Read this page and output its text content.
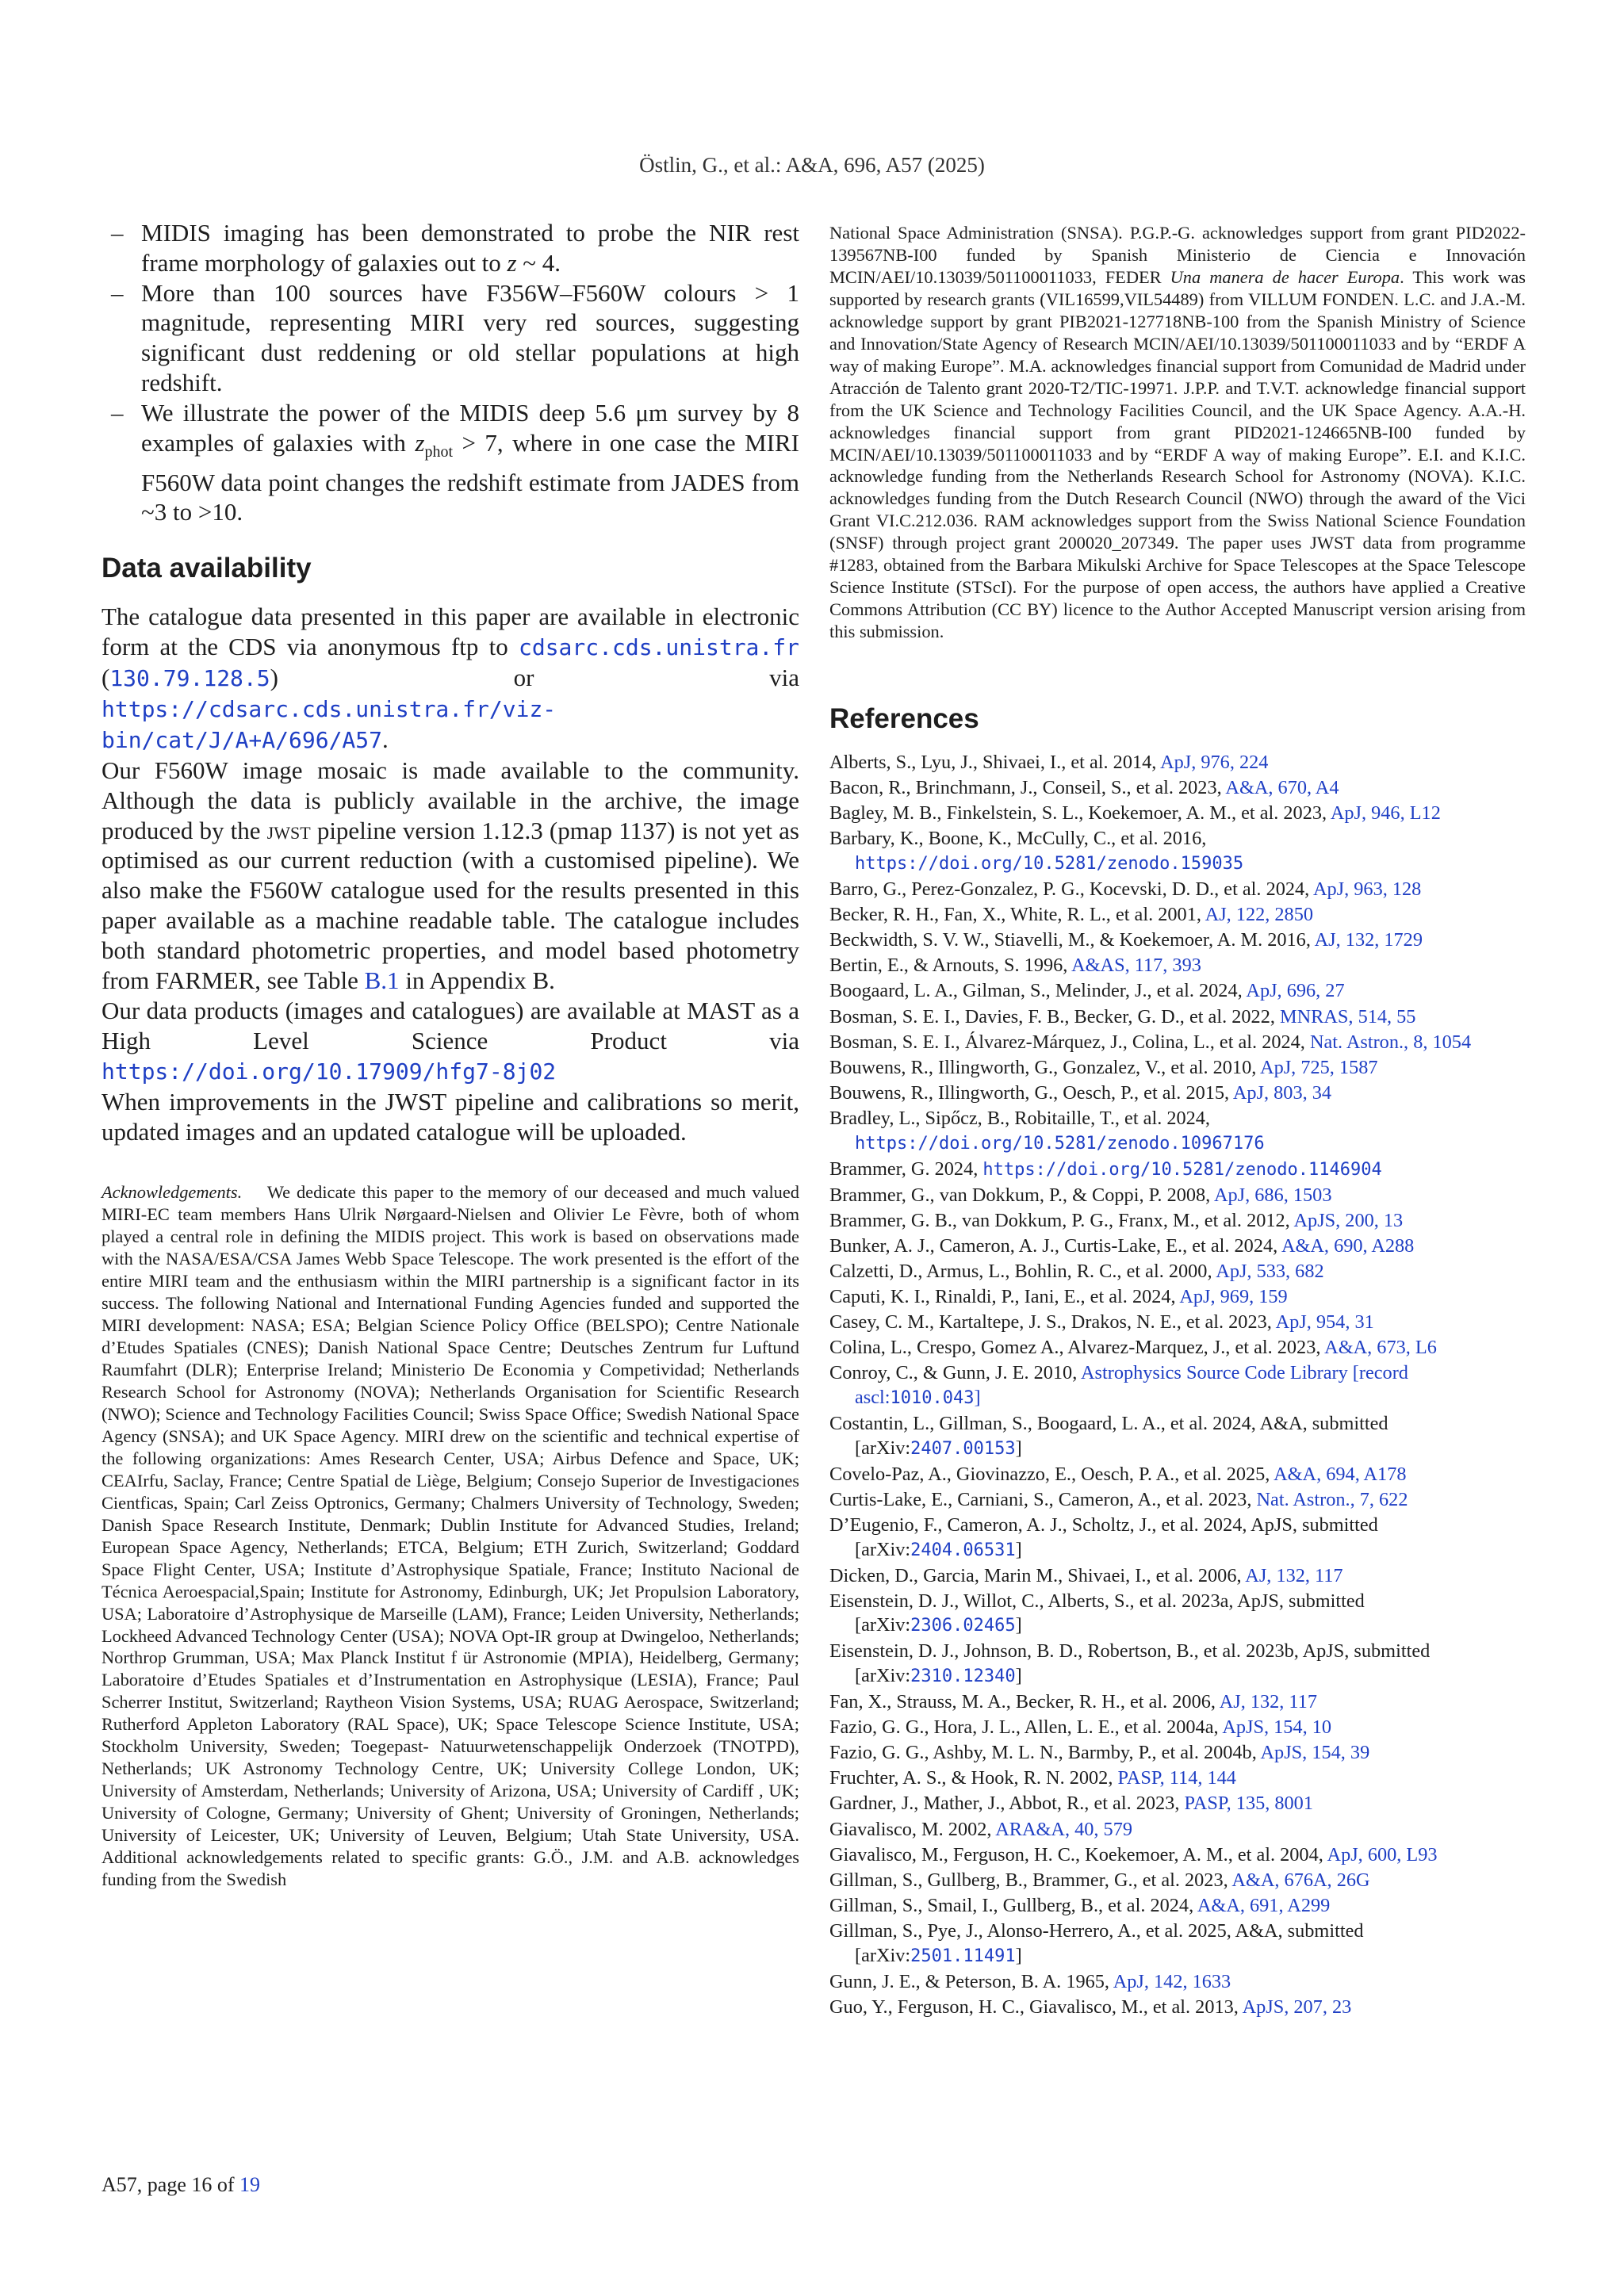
Östlin, G., et al.: A&A, 696, A57 (2025)
– MIDIS imaging has been demonstrated to probe the NIR rest frame morphology of galaxies out to z ~ 4.
– More than 100 sources have F356W–F560W colours > 1 magnitude, representing MIRI very red sources, suggesting significant dust reddening or old stellar populations at high redshift.
– We illustrate the power of the MIDIS deep 5.6 μm survey by 8 examples of galaxies with $z_{phot} > 7$, where in one case the MIRI F560W data point changes the redshift estimate from JADES from ~3 to >10.
Data availability

The catalogue data presented in this paper are available in electronic form at the CDS via anonymous ftp to cdsarc.cds.unistra.fr (130.79.128.5) or via https://cdsarc.cds.unistra.fr/viz-bin/cat/J/A+A/696/A57.

Our F560W image mosaic is made available to the community. Although the data is publicly available in the archive, the image produced by the jwst pipeline version 1.12.3 (pmap 1137) is not yet as optimised as our current reduction (with a customised pipeline). We also make the F560W catalogue used for the results presented in this paper available as a machine readable table. The catalogue includes both standard photometric properties, and model based photometry from FARMER, see Table B.1 in Appendix B.

Our data products (images and catalogues) are available at MAST as a High Level Science Product via https://doi.org/10.17909/hfg7-8j02

When improvements in the JWST pipeline and calibrations so merit, updated images and an updated catalogue will be uploaded.

Acknowledgements. We dedicate this paper to the memory of our deceased and much valued MIRI-EC team members Hans Ulrik Nørgaard-Nielsen and Olivier Le Fèvre, both of whom played a central role in defining the MIDIS project. This work is based on observations made with the NASA/ESA/CSA James Webb Space Telescope. The work presented is the effort of the entire MIRI team and the enthusiasm within the MIRI partnership is a significant factor in its success. The following National and International Funding Agencies funded and supported the MIRI development: NASA; ESA; Belgian Science Policy Office (BELSPO); Centre Nationale d’Etudes Spatiales (CNES); Danish National Space Centre; Deutsches Zentrum fur Luftund Raumfahrt (DLR); Enterprise Ireland; Ministerio De Economia y Competividad; Netherlands Research School for Astronomy (NOVA); Netherlands Organisation for Scientific Research (NWO); Science and Technology Facilities Council; Swiss Space Office; Swedish National Space Agency (SNSA); and UK Space Agency. MIRI drew on the scientific and technical expertise of the following organizations: Ames Research Center, USA; Airbus Defence and Space, UK; CEAIrfu, Saclay, France; Centre Spatial de Liège, Belgium; Consejo Superior de Investigaciones Cientficas, Spain; Carl Zeiss Optronics, Germany; Chalmers University of Technology, Sweden; Danish Space Research Institute, Denmark; Dublin Institute for Advanced Studies, Ireland; European Space Agency, Netherlands; ETCA, Belgium; ETH Zurich, Switzerland; Goddard Space Flight Center, USA; Institute d’Astrophysique Spatiale, France; Instituto Nacional de Técnica Aeroespacial,Spain; Institute for Astronomy, Edinburgh, UK; Jet Propulsion Laboratory, USA; Laboratoire d’Astrophysique de Marseille (LAM), France; Leiden University, Netherlands; Lockheed Advanced Technology Center (USA); NOVA Opt-IR group at Dwingeloo, Netherlands; Northrop Grumman, USA; Max Planck Institut f ür Astronomie (MPIA), Heidelberg, Germany; Laboratoire d’Etudes Spatiales et d’Instrumentation en Astrophysique (LESIA), France; Paul Scherrer Institut, Switzerland; Raytheon Vision Systems, USA; RUAG Aerospace, Switzerland; Rutherford Appleton Laboratory (RAL Space), UK; Space Telescope Science Institute, USA; Stockholm University, Sweden; Toegepast- Natuurwetenschappelijk Onderzoek (TNOTPD), Netherlands; UK Astronomy Technology Centre, UK; University College London, UK; University of Amsterdam, Netherlands; University of Arizona, USA; University of Cardiff , UK; University of Cologne, Germany; University of Ghent; University of Groningen, Netherlands; University of Leicester, UK; University of Leuven, Belgium; Utah State University, USA. Additional acknowledgements related to specific grants: G.Ö., J.M. and A.B. acknowledges funding from the Swedish

National Space Administration (SNSA). P.G.P.-G. acknowledges support from grant PID2022-139567NB-I00 funded by Spanish Ministerio de Ciencia e Innovación MCIN/AEI/10.13039/501100011033, FEDER Una manera de hacer Europa. This work was supported by research grants (VIL16599,VIL54489) from VILLUM FONDEN. L.C. and J.A.-M. acknowledge support by grant PIB2021-127718NB-100 from the Spanish Ministry of Science and Innovation/State Agency of Research MCIN/AEI/10.13039/501100011033 and by “ERDF A way of making Europe”. M.A. acknowledges financial support from Comunidad de Madrid under Atracción de Talento grant 2020-T2/TIC-19971. J.P.P. and T.V.T. acknowledge financial support from the UK Science and Technology Facilities Council, and the UK Space Agency. A.A.-H. acknowledges financial support from grant PID2021-124665NB-I00 funded by MCIN/AEI/10.13039/501100011033 and by “ERDF A way of making Europe”. E.I. and K.I.C. acknowledge funding from the Netherlands Research School for Astronomy (NOVA). K.I.C. acknowledges funding from the Dutch Research Council (NWO) through the award of the Vici Grant VI.C.212.036. RAM acknowledges support from the Swiss National Science Foundation (SNSF) through project grant 200020_207349. The paper uses JWST data from programme #1283, obtained from the Barbara Mikulski Archive for Space Telescopes at the Space Telescope Science Institute (STScI). For the purpose of open access, the authors have applied a Creative Commons Attribution (CC BY) licence to the Author Accepted Manuscript version arising from this submission.

References
Alberts, S., Lyu, J., Shivaei, I., et al. 2014, ApJ, 976, 224
Bacon, R., Brinchmann, J., Conseil, S., et al. 2023, A&A, 670, A4
Bagley, M. B., Finkelstein, S. L., Koekemoer, A. M., et al. 2023, ApJ, 946, L12
Barbary, K., Boone, K., McCully, C., et al. 2016, https://doi.org/10.5281/zenodo.159035
Barro, G., Perez-Gonzalez, P. G., Kocevski, D. D., et al. 2024, ApJ, 963, 128
Becker, R. H., Fan, X., White, R. L., et al. 2001, AJ, 122, 2850
Beckwidth, S. V. W., Stiavelli, M., & Koekemoer, A. M. 2016, AJ, 132, 1729
Bertin, E., & Arnouts, S. 1996, A&AS, 117, 393
Boogaard, L. A., Gilman, S., Melinder, J., et al. 2024, ApJ, 696, 27
Bosman, S. E. I., Davies, F. B., Becker, G. D., et al. 2022, MNRAS, 514, 55
Bosman, S. E. I., Álvarez-Márquez, J., Colina, L., et al. 2024, Nat. Astron., 8, 1054
Bouwens, R., Illingworth, G., Gonzalez, V., et al. 2010, ApJ, 725, 1587
Bouwens, R., Illingworth, G., Oesch, P., et al. 2015, ApJ, 803, 34
Bradley, L., Sipőcz, B., Robitaille, T., et al. 2024, https://doi.org/10.5281/zenodo.10967176
Brammer, G. 2024, https://doi.org/10.5281/zenodo.1146904
Brammer, G., van Dokkum, P., & Coppi, P. 2008, ApJ, 686, 1503
Brammer, G. B., van Dokkum, P. G., Franx, M., et al. 2012, ApJS, 200, 13
Bunker, A. J., Cameron, A. J., Curtis-Lake, E., et al. 2024, A&A, 690, A288
Calzetti, D., Armus, L., Bohlin, R. C., et al. 2000, ApJ, 533, 682
Caputi, K. I., Rinaldi, P., Iani, E., et al. 2024, ApJ, 969, 159
Casey, C. M., Kartaltepe, J. S., Drakos, N. E., et al. 2023, ApJ, 954, 31
Colina, L., Crespo, Gomez A., Alvarez-Marquez, J., et al. 2023, A&A, 673, L6
Conroy, C., & Gunn, J. E. 2010, Astrophysics Source Code Library [record ascl:1010.043]
Costantin, L., Gillman, S., Boogaard, L. A., et al. 2024, A&A, submitted [arXiv:2407.00153]
Covelo-Paz, A., Giovinazzo, E., Oesch, P. A., et al. 2025, A&A, 694, A178
Curtis-Lake, E., Carniani, S., Cameron, A., et al. 2023, Nat. Astron., 7, 622
D’Eugenio, F., Cameron, A. J., Scholtz, J., et al. 2024, ApJS, submitted [arXiv:2404.06531]
Dicken, D., Garcia, Marin M., Shivaei, I., et al. 2006, AJ, 132, 117
Eisenstein, D. J., Willot, C., Alberts, S., et al. 2023a, ApJS, submitted [arXiv:2306.02465]
Eisenstein, D. J., Johnson, B. D., Robertson, B., et al. 2023b, ApJS, submitted [arXiv:2310.12340]
Fan, X., Strauss, M. A., Becker, R. H., et al. 2006, AJ, 132, 117
Fazio, G. G., Hora, J. L., Allen, L. E., et al. 2004a, ApJS, 154, 10
Fazio, G. G., Ashby, M. L. N., Barmby, P., et al. 2004b, ApJS, 154, 39
Fruchter, A. S., & Hook, R. N. 2002, PASP, 114, 144
Gardner, J., Mather, J., Abbot, R., et al. 2023, PASP, 135, 8001
Giavalisco, M. 2002, ARA&A, 40, 579
Giavalisco, M., Ferguson, H. C., Koekemoer, A. M., et al. 2004, ApJ, 600, L93
Gillman, S., Gullberg, B., Brammer, G., et al. 2023, A&A, 676A, 26G
Gillman, S., Smail, I., Gullberg, B., et al. 2024, A&A, 691, A299
Gillman, S., Pye, J., Alonso-Herrero, A., et al. 2025, A&A, submitted [arXiv:2501.11491]
Gunn, J. E., & Peterson, B. A. 1965, ApJ, 142, 1633
Guo, Y., Ferguson, H. C., Giavalisco, M., et al. 2013, ApJS, 207, 23
A57, page 16 of 19
